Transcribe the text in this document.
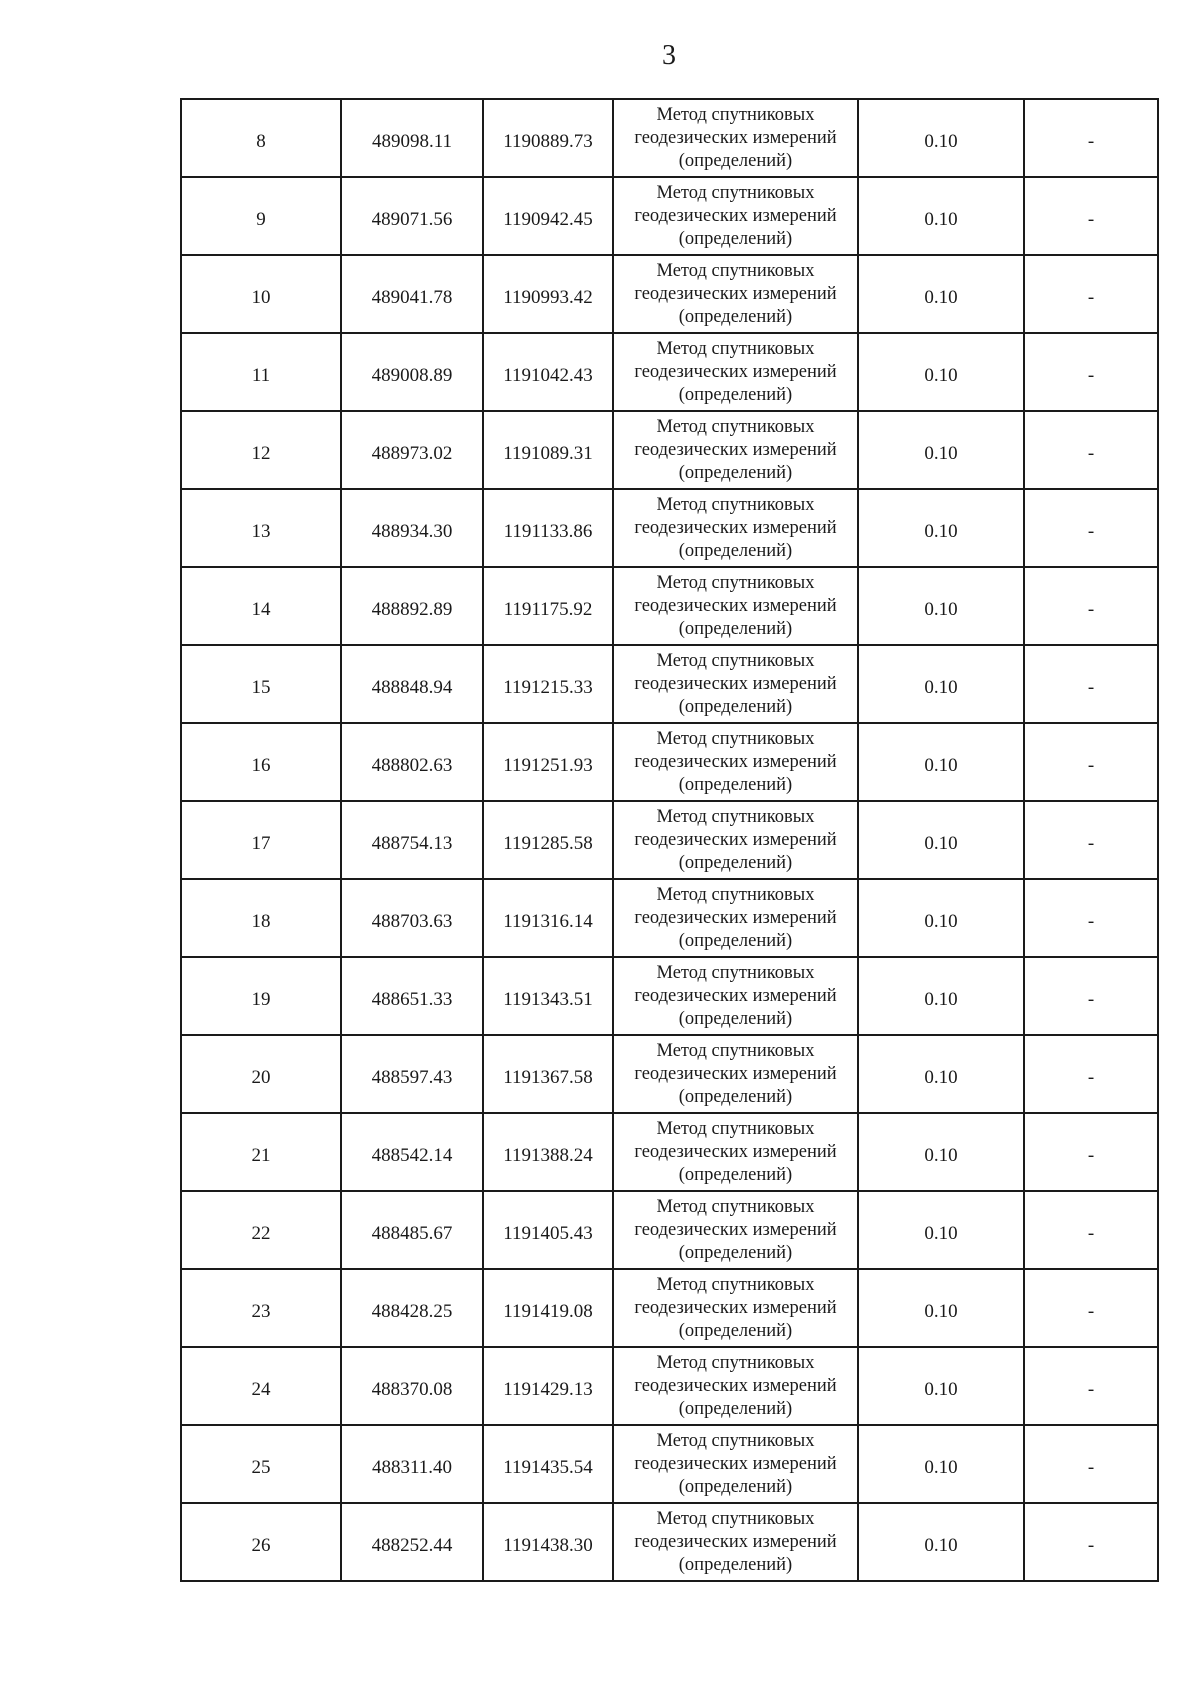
3
8	489098.11	1190889.73	Метод спутниковых геодезических измерений (определений)	0.10	-
9	489071.56	1190942.45	Метод спутниковых геодезических измерений (определений)	0.10	-
10	489041.78	1190993.42	Метод спутниковых геодезических измерений (определений)	0.10	-
11	489008.89	1191042.43	Метод спутниковых геодезических измерений (определений)	0.10	-
12	488973.02	1191089.31	Метод спутниковых геодезических измерений (определений)	0.10	-
13	488934.30	1191133.86	Метод спутниковых геодезических измерений (определений)	0.10	-
14	488892.89	1191175.92	Метод спутниковых геодезических измерений (определений)	0.10	-
15	488848.94	1191215.33	Метод спутниковых геодезических измерений (определений)	0.10	-
16	488802.63	1191251.93	Метод спутниковых геодезических измерений (определений)	0.10	-
17	488754.13	1191285.58	Метод спутниковых геодезических измерений (определений)	0.10	-
18	488703.63	1191316.14	Метод спутниковых геодезических измерений (определений)	0.10	-
19	488651.33	1191343.51	Метод спутниковых геодезических измерений (определений)	0.10	-
20	488597.43	1191367.58	Метод спутниковых геодезических измерений (определений)	0.10	-
21	488542.14	1191388.24	Метод спутниковых геодезических измерений (определений)	0.10	-
22	488485.67	1191405.43	Метод спутниковых геодезических измерений (определений)	0.10	-
23	488428.25	1191419.08	Метод спутниковых геодезических измерений (определений)	0.10	-
24	488370.08	1191429.13	Метод спутниковых геодезических измерений (определений)	0.10	-
25	488311.40	1191435.54	Метод спутниковых геодезических измерений (определений)	0.10	-
26	488252.44	1191438.30	Метод спутниковых геодезических измерений (определений)	0.10	-
